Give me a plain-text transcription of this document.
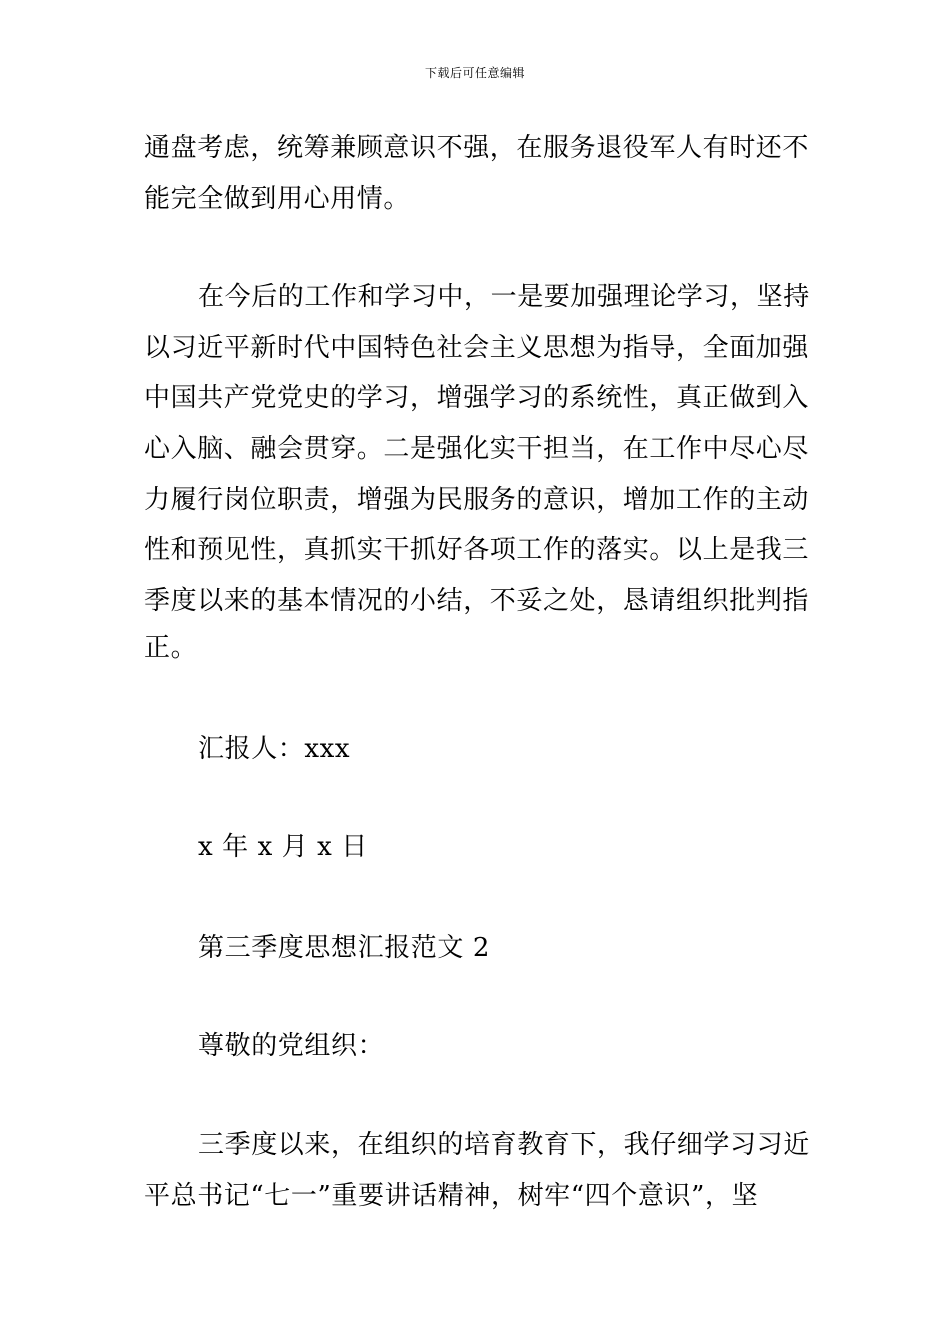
下载后可任意编辑
通盘考虑，统筹兼顾意识不强，在服务退役军人有时还不
能完全做到用心用情。
在今后的工作和学习中，一是要加强理论学习，坚持
以习近平新时代中国特色社会主义思想为指导，全面加强
中国共产党党史的学习，增强学习的系统性，真正做到入
心入脑、融会贯穿。二是强化实干担当，在工作中尽心尽
力履行岗位职责，增强为民服务的意识，增加工作的主动
性和预见性，真抓实干抓好各项工作的落实。以上是我三
季度以来的基本情况的小结，不妥之处，恳请组织批判指
正。
汇报人：xxx
x 年 x 月 x 日
第三季度思想汇报范文 2
尊敬的党组织：
三季度以来，在组织的培育教育下，我仔细学习习近
平总书记“七一”重要讲话精神，树牢“四个意识”，坚
